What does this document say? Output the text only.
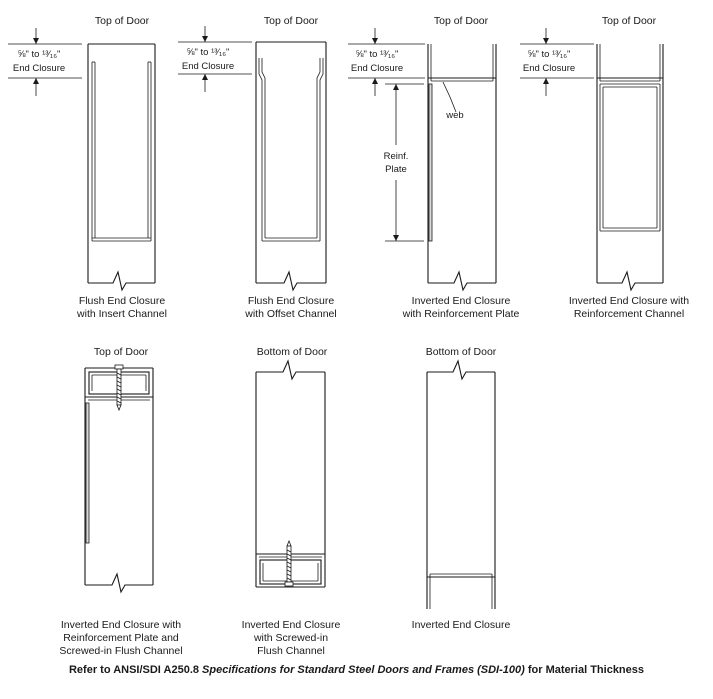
Top of Door
⅝" to ¹³⁄₁₆"
End Closure
Flush End Closure
with Insert Channel
Top of Door
⅝" to ¹³⁄₁₆"
End Closure
Flush End Closure
with Offset Channel
Top of Door
⅝" to ¹³⁄₁₆"
End Closure
Reinf.
Plate
web
Inverted End Closure
with Reinforcement Plate
Top of Door
⅝" to ¹³⁄₁₆"
End Closure
Inverted End Closure with
Reinforcement Channel
Top of Door
Inverted End Closure with
Reinforcement Plate and
Screwed-in Flush Channel
Bottom of Door
Inverted End Closure
with Screwed-in
Flush Channel
Bottom of Door
Inverted End Closure
Refer to ANSI/SDI A250.8 Specifications for Standard Steel Doors and Frames (SDI-100) for Material Thickness
